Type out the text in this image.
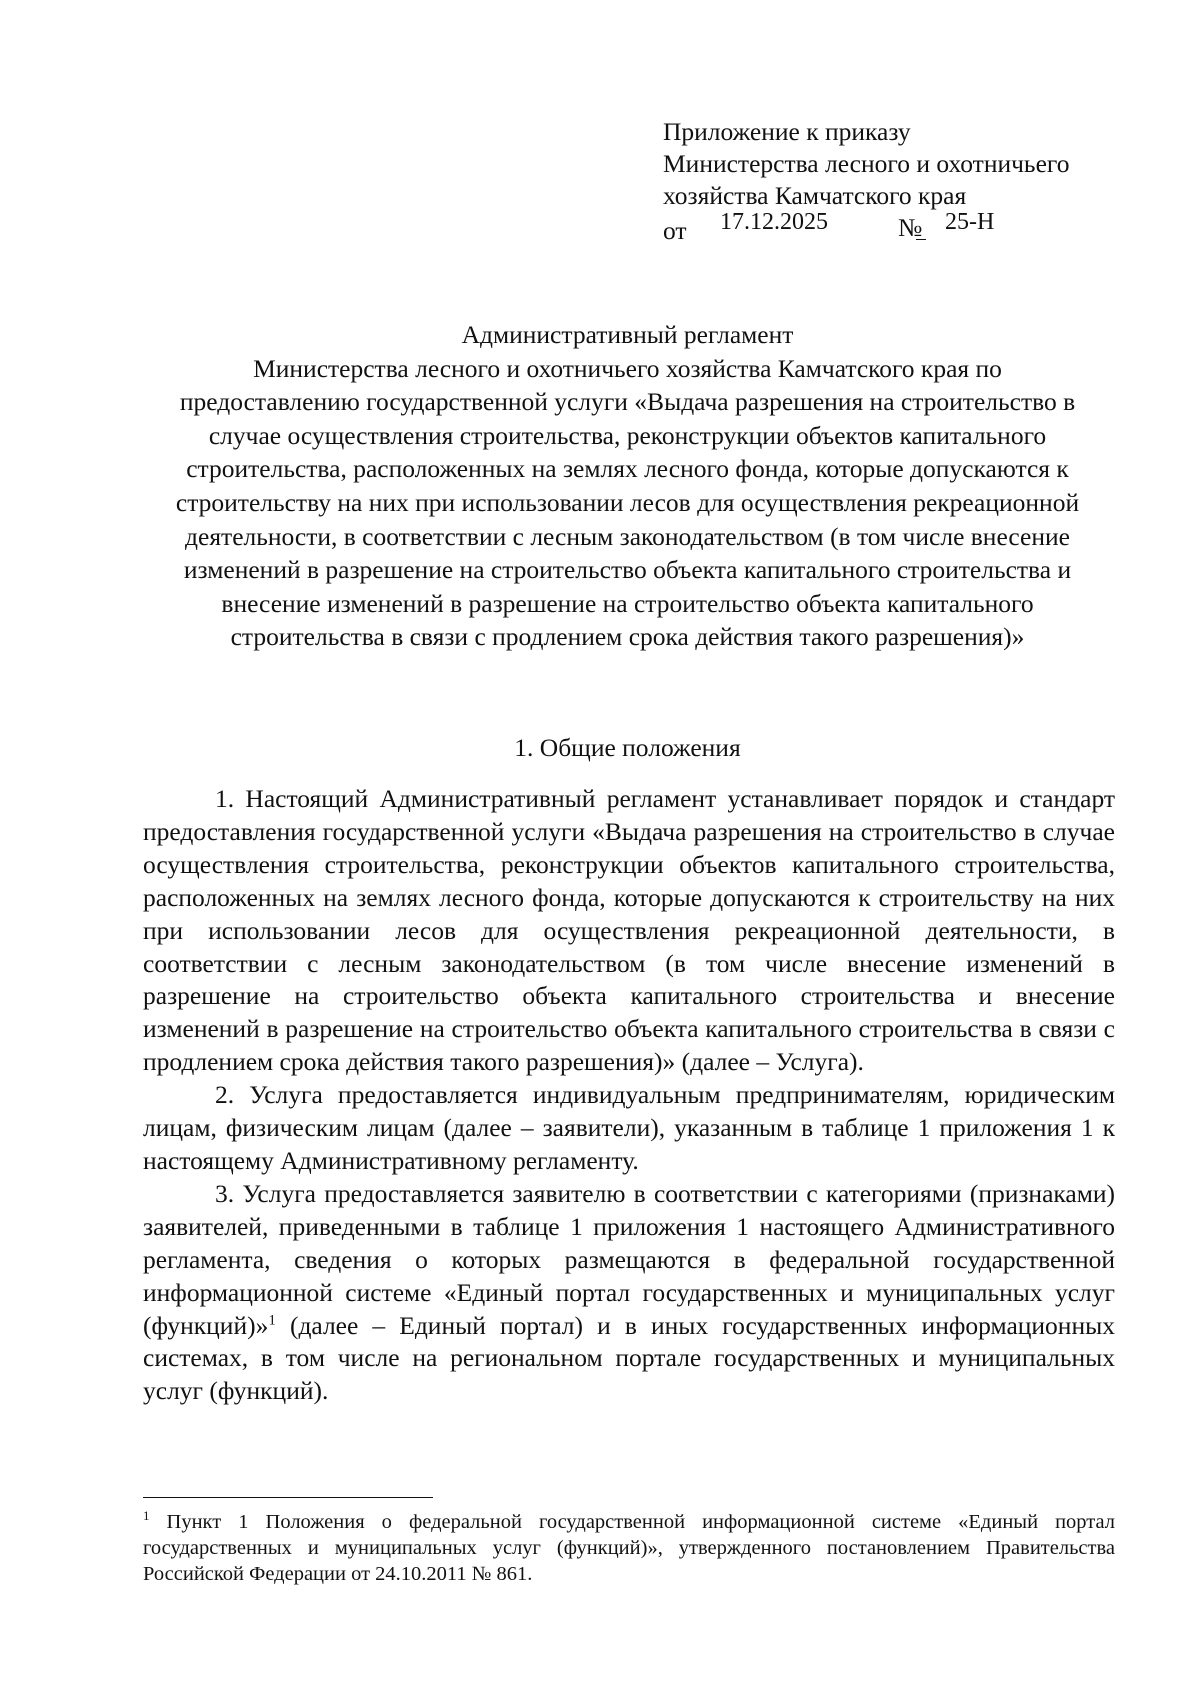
Приложение к приказу
Министерства лесного и охотничьего
хозяйства Камчатского края
от 17.12.2025	№ 25-Н
Административный регламент
Министерства лесного и охотничьего хозяйства Камчатского края по предоставлению государственной услуги «Выдача разрешения на строительство в случае осуществления строительства, реконструкции объектов капитального строительства, расположенных на землях лесного фонда, которые допускаются к строительству на них при использовании лесов для осуществления рекреационной деятельности, в соответствии с лесным законодательством (в том числе внесение изменений в разрешение на строительство объекта капитального строительства и внесение изменений в разрешение на строительство объекта капитального строительства в связи с продлением срока действия такого разрешения)»
1. Общие положения

1. Настоящий Административный регламент устанавливает порядок и стандарт предоставления государственной услуги «Выдача разрешения на строительство в случае осуществления строительства, реконструкции объектов капитального строительства, расположенных на землях лесного фонда, которые допускаются к строительству на них при использовании лесов для осуществления рекреационной деятельности, в соответствии с лесным законодательством (в том числе внесение изменений в разрешение на строительство объекта капитального строительства и внесение изменений в разрешение на строительство объекта капитального строительства в связи с продлением срока действия такого разрешения)» (далее – Услуга).

2. Услуга предоставляется индивидуальным предпринимателям, юридическим лицам, физическим лицам (далее – заявители), указанным в таблице 1 приложения 1 к настоящему Административному регламенту.

3. Услуга предоставляется заявителю в соответствии с категориями (признаками) заявителей, приведенными в таблице 1 приложения 1 настоящего Административного регламента, сведения о которых размещаются в федеральной государственной информационной системе «Единый портал государственных и муниципальных услуг (функций)»$^1$ (далее – Единый портал) и в иных государственных информационных системах, в том числе на региональном портале государственных и муниципальных услуг (функций).

$^1$ Пункт 1 Положения о федеральной государственной информационной системе «Единый портал государственных и муниципальных услуг (функций)», утвержденного постановлением Правительства Российской Федерации от 24.10.2011 № 861.
